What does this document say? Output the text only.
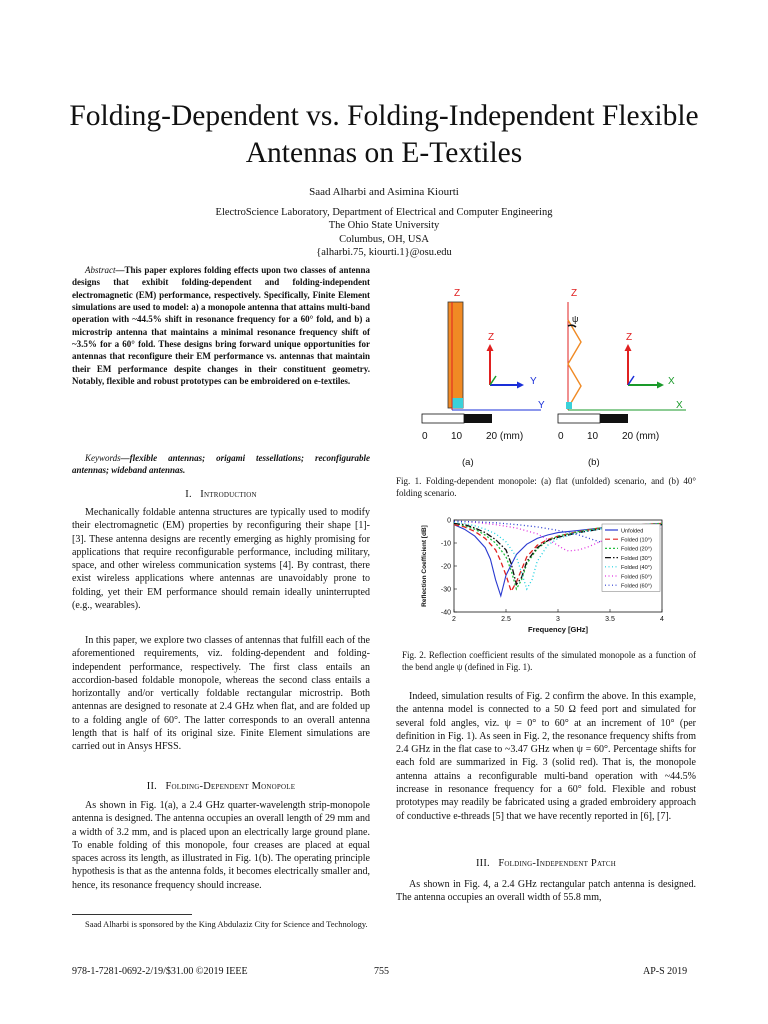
Folding-Dependent vs. Folding-Independent Flexible
Antennas on E-Textiles
Saad Alharbi and Asimina Kiourti
ElectroScience Laboratory, Department of Electrical and Computer Engineering
The Ohio State University
Columbus, OH, USA
{alharbi.75, kiourti.1}@osu.edu

Abstract—This paper explores folding effects upon two classes of antenna designs that exhibit folding-dependent and folding-independent electromagnetic (EM) performance, respectively. Specifically, Finite Element simulations are used to model: a) a monopole antenna that attains multi-band operation with ~44.5% shift in resonance frequency for a 60° fold, and b) a microstrip antenna that maintains a minimal resonance frequency shift of ~3.5% for a 60° fold. These designs bring forward unique opportunities for antennas that reconfigure their EM performance vs. antennas that maintain their EM performance despite changes in their constituent geometry. Notably, flexible and robust prototypes can be embroidered on e-textiles.

Keywords—flexible antennas; origami tessellations; reconfigurable antennas; wideband antennas.
I. Introduction

Mechanically foldable antenna structures are typically used to modify their electromagnetic (EM) properties by reconfiguring their shape [1]-[3]. These antenna designs are recently emerging as highly promising for applications that require reconfigurable performance, including military, space, and other wireless communication systems [4]. By contrast, there exist wireless applications where antennas are unavoidably prone to folding, yet their EM performance should remain ideally uninterrupted (e.g., wearables).

In this paper, we explore two classes of antennas that fulfill each of the aforementioned requirements, viz. folding-dependent and folding-independent performance, respectively. The first class entails an accordion-based foldable monopole, whereas the second class entails a horizontally and/or vertically foldable rectangular microstrip. Both antennas are designed to resonate at 2.4 GHz when flat, and are folded up to a folding angle of 60°. The latter corresponds to an overall antenna length that is half of its original size. Finite Element simulations are carried out in Ansys HFSS.

II. Folding-Dependent Monopole

As shown in Fig. 1(a), a 2.4 GHz quarter-wavelength strip-monopole antenna is designed. The antenna occupies an overall length of 29 mm and a width of 3.2 mm, and is placed upon an electrically large ground plane. To enable folding of this monopole, four creases are placed at equal spaces across its length, as illustrated in Fig. 1(b). The operating principle hypothesis is that as the antenna folds, it becomes electrically smaller and, hence, its resonance frequency should increase.

Saad Alharbi is sponsored by the King Abdulaziz City for Science and Technology.
Z
Y
Z
Y
0 10 20 (mm)
(a)
Z
ψ
X
Z
X
0 10 20 (mm)
(b)
Fig. 1. Folding-dependent monopole: (a) flat (unfolded) scenario, and (b) 40° folding scenario.
2	2.5	3	3.5	4
0
-10
-20
-30
-40
Frequency [GHz]
Reflection Coefficient [dB]	Unfolded
Folded (10°)
Folded (20°)
Folded (30°)
Folded (40°)
Folded (50°)
Folded (60°)
Fig. 2. Reflection coefficient results of the simulated monopole as a function of the bend angle ψ (defined in Fig. 1).

Indeed, simulation results of Fig. 2 confirm the above. In this example, the antenna model is connected to a 50 Ω feed port and simulated for several fold angles, viz. ψ = 0° to 60° at an increment of 10° (per definition in Fig. 1). As seen in Fig. 2, the resonance frequency shifts from 2.4 GHz in the flat case to ~3.47 GHz when ψ = 60°. Percentage shifts for each fold are summarized in Fig. 3 (solid red). That is, the monopole antenna attains a reconfigurable multi-band operation with ~44.5% increase in resonance frequency for a 60° fold. Flexible and robust prototypes may readily be fabricated using a graded embroidery approach of conductive e-threads [5] that we have recently reported in [6], [7].

III. Folding-Independent Patch

As shown in Fig. 4, a 2.4 GHz rectangular patch antenna is designed. The antenna occupies an overall width of 55.8 mm,

978-1-7281-0692-2/19/$31.00 ©2019 IEEE	755	AP-S 2019
